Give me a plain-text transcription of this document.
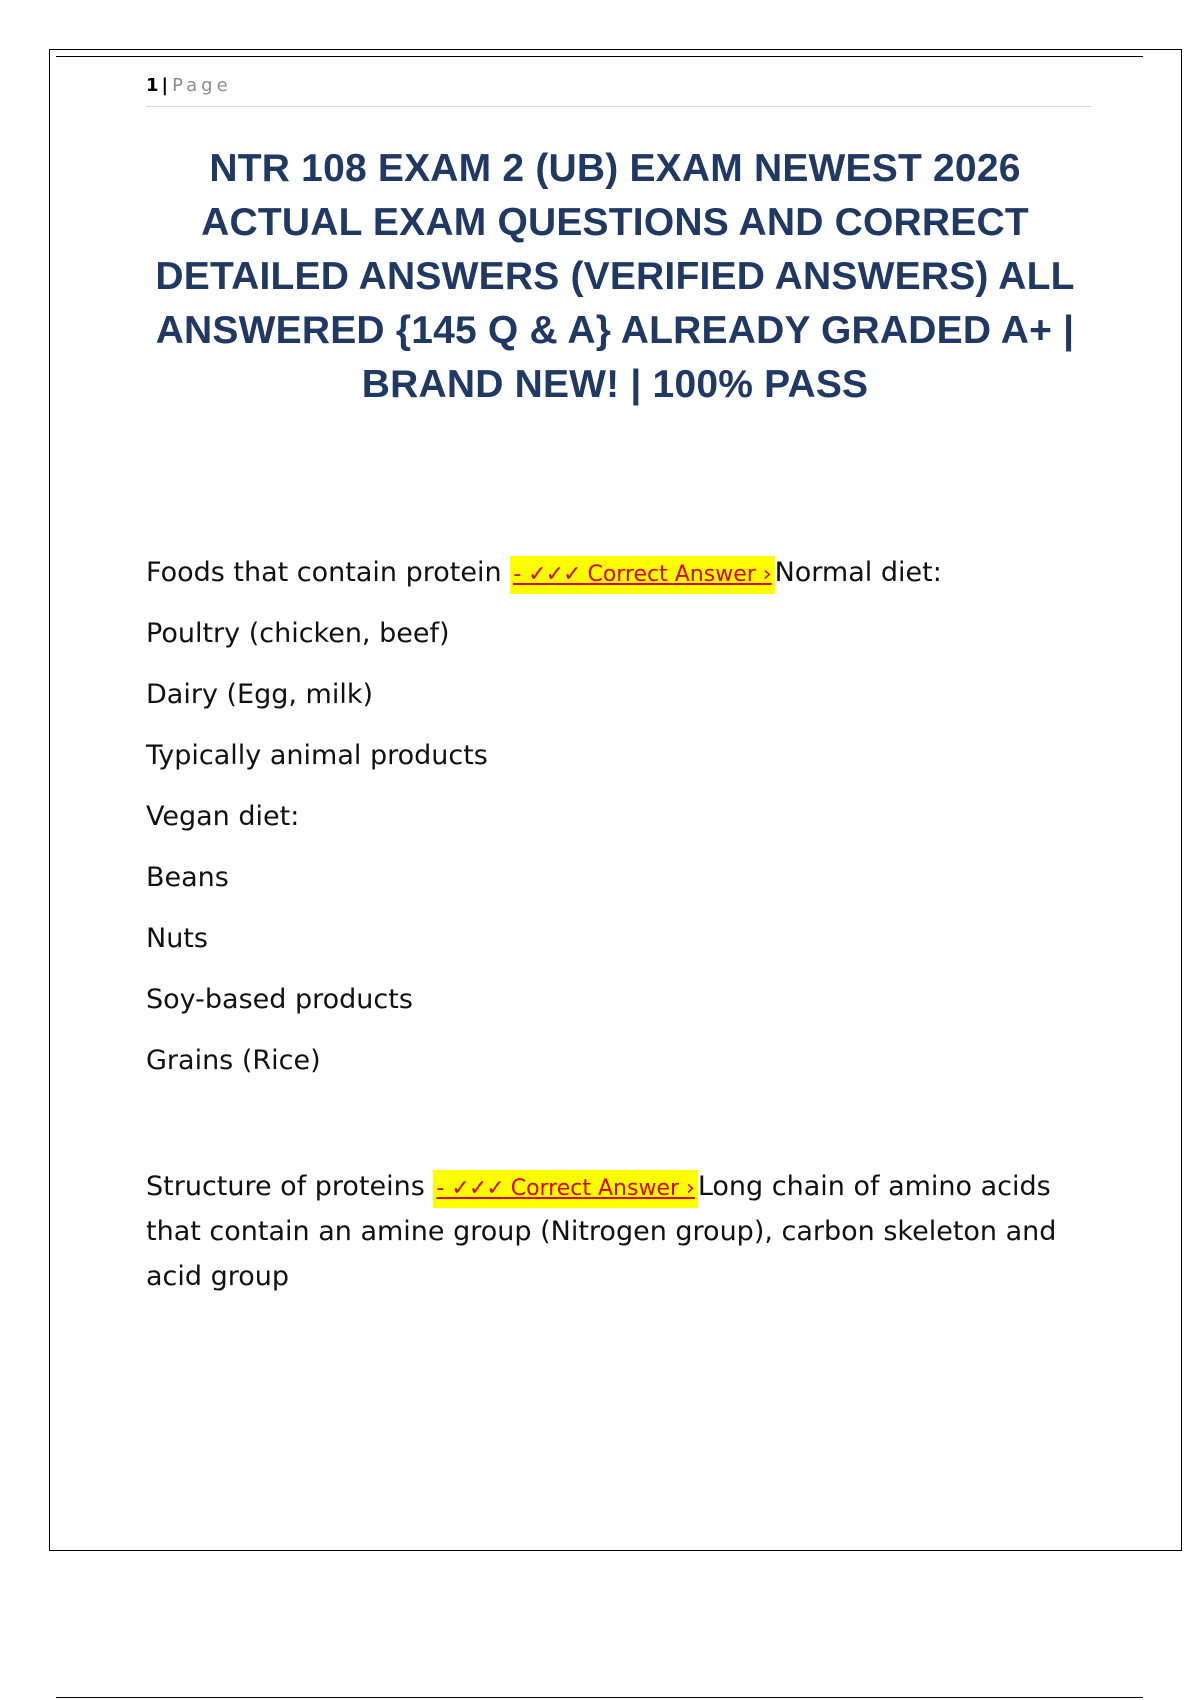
1 | Page
NTR 108 EXAM 2 (UB) EXAM NEWEST 2026 ACTUAL EXAM QUESTIONS AND CORRECT DETAILED ANSWERS (VERIFIED ANSWERS) ALL ANSWERED {145 Q & A} ALREADY GRADED A+ | BRAND NEW! | 100% PASS

Foods that contain protein - ✓✓✓ Correct Answer › Normal diet:

Poultry (chicken, beef)

Dairy (Egg, milk)

Typically animal products

Vegan diet:

Beans

Nuts

Soy-based products

Grains (Rice)

Structure of proteins - ✓✓✓ Correct Answer › Long chain of amino acids that contain an amine group (Nitrogen group), carbon skeleton and acid group
